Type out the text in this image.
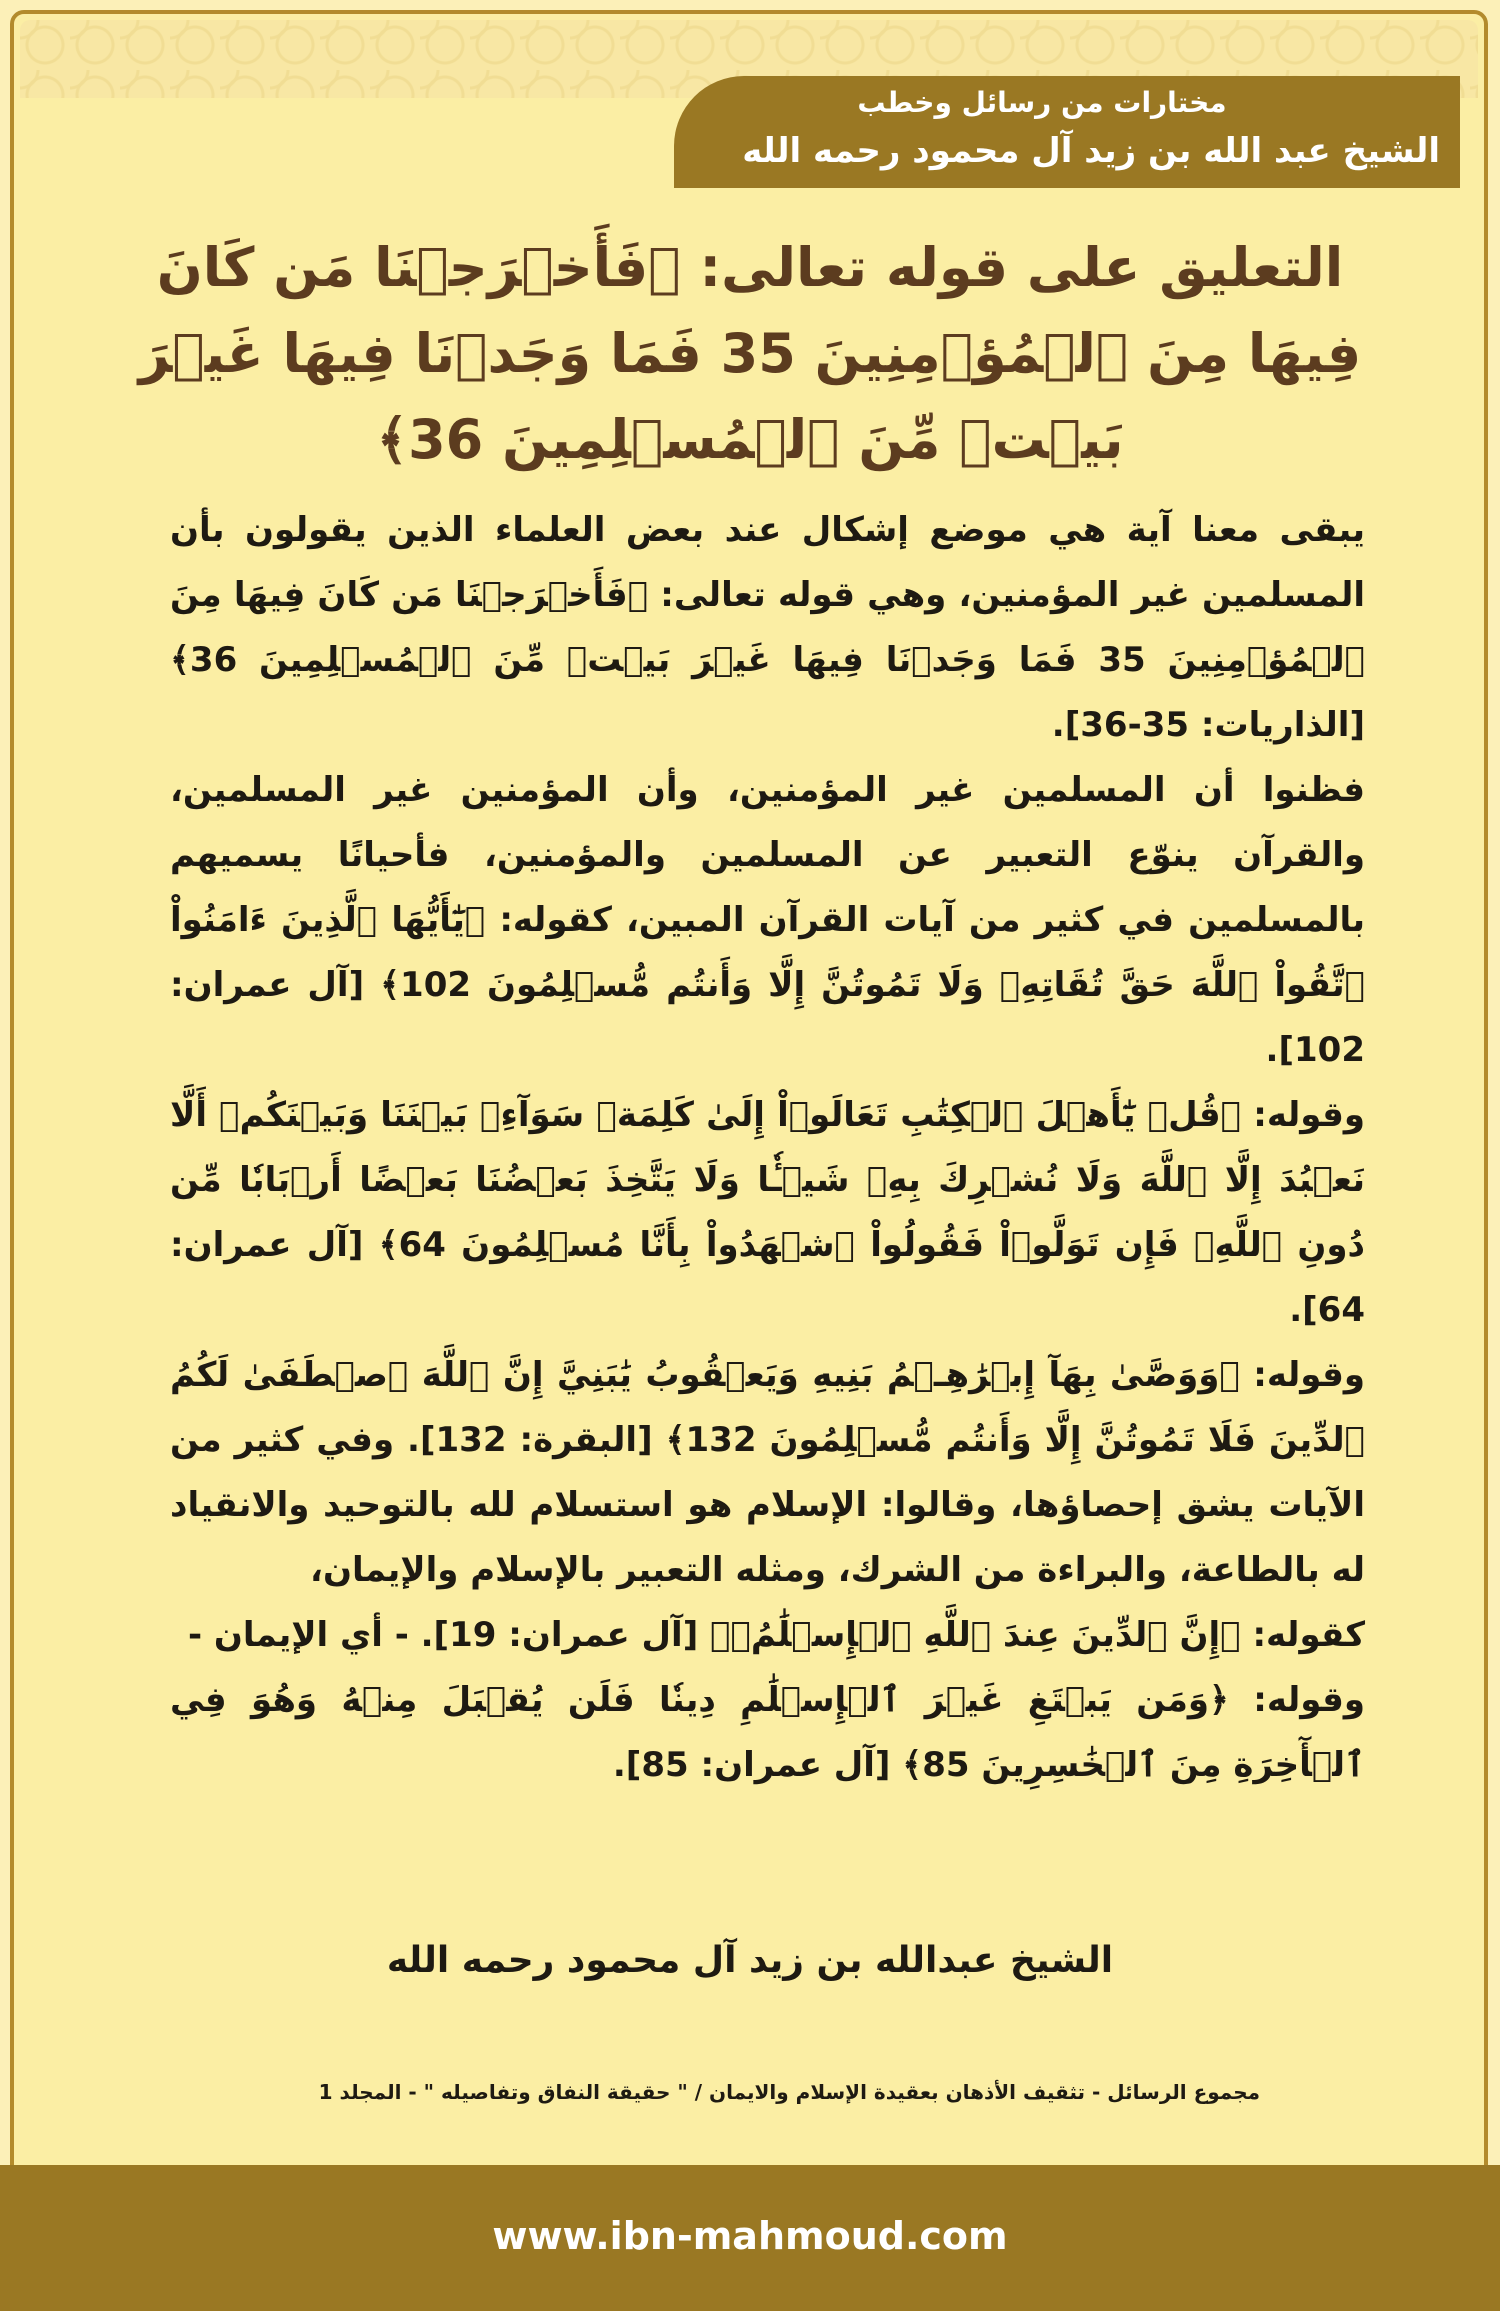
مختارات من رسائل وخطب
الشيخ عبد الله بن زيد آل محمود رحمه الله
التعليق على قوله تعالى: ﴿فَأَخۡرَجۡنَا مَن كَانَ فِيهَا مِنَ ٱلۡمُؤۡمِنِينَ 35 فَمَا وَجَدۡنَا فِيهَا غَيۡرَ بَيۡتٖ مِّنَ ٱلۡمُسۡلِمِينَ 36﴾

يبقى معنا آية هي موضع إشكال عند بعض العلماء الذين يقولون بأن المسلمين غير المؤمنين، وهي قوله تعالى: ﴿فَأَخۡرَجۡنَا مَن كَانَ فِيهَا مِنَ ٱلۡمُؤۡمِنِينَ 35 فَمَا وَجَدۡنَا فِيهَا غَيۡرَ بَيۡتٖ مِّنَ ٱلۡمُسۡلِمِينَ 36﴾ [الذاريات: 35-36].

فظنوا أن المسلمين غير المؤمنين، وأن المؤمنين غير المسلمين، والقرآن ينوّع التعبير عن المسلمين والمؤمنين، فأحيانًا يسميهم بالمسلمين في كثير من آيات القرآن المبين، كقوله: ﴿يَٰٓأَيُّهَا ٱلَّذِينَ ءَامَنُواْ ٱتَّقُواْ ٱللَّهَ حَقَّ تُقَاتِهِۦ وَلَا تَمُوتُنَّ إِلَّا وَأَنتُم مُّسۡلِمُونَ 102﴾ [آل عمران: 102].

وقوله: ﴿قُلۡ يَٰٓأَهۡلَ ٱلۡكِتَٰبِ تَعَالَوۡاْ إِلَىٰ كَلِمَةٖ سَوَآءِۭ بَيۡنَنَا وَبَيۡنَكُمۡ أَلَّا نَعۡبُدَ إِلَّا ٱللَّهَ وَلَا نُشۡرِكَ بِهِۦ شَيۡـٔٗا وَلَا يَتَّخِذَ بَعۡضُنَا بَعۡضًا أَرۡبَابٗا مِّن دُونِ ٱللَّهِۚ فَإِن تَوَلَّوۡاْ فَقُولُواْ ٱشۡهَدُواْ بِأَنَّا مُسۡلِمُونَ 64﴾ [آل عمران: 64].

وقوله: ﴿وَوَصَّىٰ بِهَآ إِبۡرَٰهِـۧمُ بَنِيهِ وَيَعۡقُوبُ يَٰبَنِيَّ إِنَّ ٱللَّهَ ٱصۡطَفَىٰ لَكُمُ ٱلدِّينَ فَلَا تَمُوتُنَّ إِلَّا وَأَنتُم مُّسۡلِمُونَ 132﴾ [البقرة: 132]. وفي كثير من الآيات يشق إحصاؤها، وقالوا: الإسلام هو استسلام لله بالتوحيد والانقياد له بالطاعة، والبراءة من الشرك، ومثله التعبير بالإسلام والإيمان،

كقوله: ﴿إِنَّ ٱلدِّينَ عِندَ ٱللَّهِ ٱلۡإِسۡلَٰمُۗ﴾ [آل عمران: 19]. - أي الإيمان -

وقوله: ﴿وَمَن يَبۡتَغِ غَيۡرَ ٱلۡإِسۡلَٰمِ دِينٗا فَلَن يُقۡبَلَ مِنۡهُ وَهُوَ فِي ٱلۡأٓخِرَةِ مِنَ ٱلۡخَٰسِرِينَ 85﴾ [آل عمران: 85].

الشيخ عبدالله بن زيد آل محمود رحمه الله
مجموع الرسائل - تثقيف الأذهان بعقيدة الإسلام والايمان / " حقيقة النفاق وتفاصيله " - المجلد 1
www.ibn-mahmoud.com
